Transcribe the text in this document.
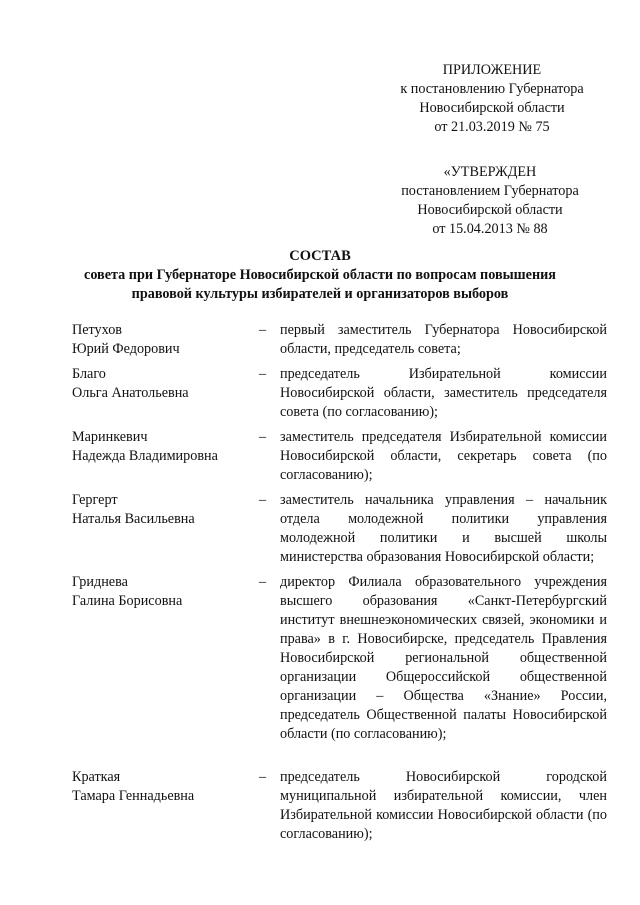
ПРИЛОЖЕНИЕ
к постановлению Губернатора
Новосибирской области
от 21.03.2019 № 75
«УТВЕРЖДЕН
постановлением Губернатора
Новосибирской области
от 15.04.2013 № 88
СОСТАВ
совета при Губернаторе Новосибирской области по вопросам повышения
правовой культуры избирателей и организаторов выборов
Петухов
Юрий Федорович
– первый заместитель Губернатора Новосибирской области, председатель совета;
Благо
Ольга Анатольевна
– председатель Избирательной комиссии Новосибирской области, заместитель председателя совета (по согласованию);
Маринкевич
Надежда Владимировна
– заместитель председателя Избирательной комиссии Новосибирской области, секретарь совета (по согласованию);
Гергерт
Наталья Васильевна
– заместитель начальника управления – начальник отдела молодежной политики управления молодежной политики и высшей школы министерства образования Новосибирской области;
Гриднева
Галина Борисовна
– директор Филиала образовательного учреждения высшего образования «Санкт-Петербургский институт внешнеэкономических связей, экономики и права» в г. Новосибирске, председатель Правления Новосибирской региональной общественной организации Общероссийской общественной организации – Общества «Знание» России, председатель Общественной палаты Новосибирской области (по согласованию);
Краткая
Тамара Геннадьевна
– председатель Новосибирской городской муниципальной избирательной комиссии, член Избирательной комиссии Новосибирской области (по согласованию);
